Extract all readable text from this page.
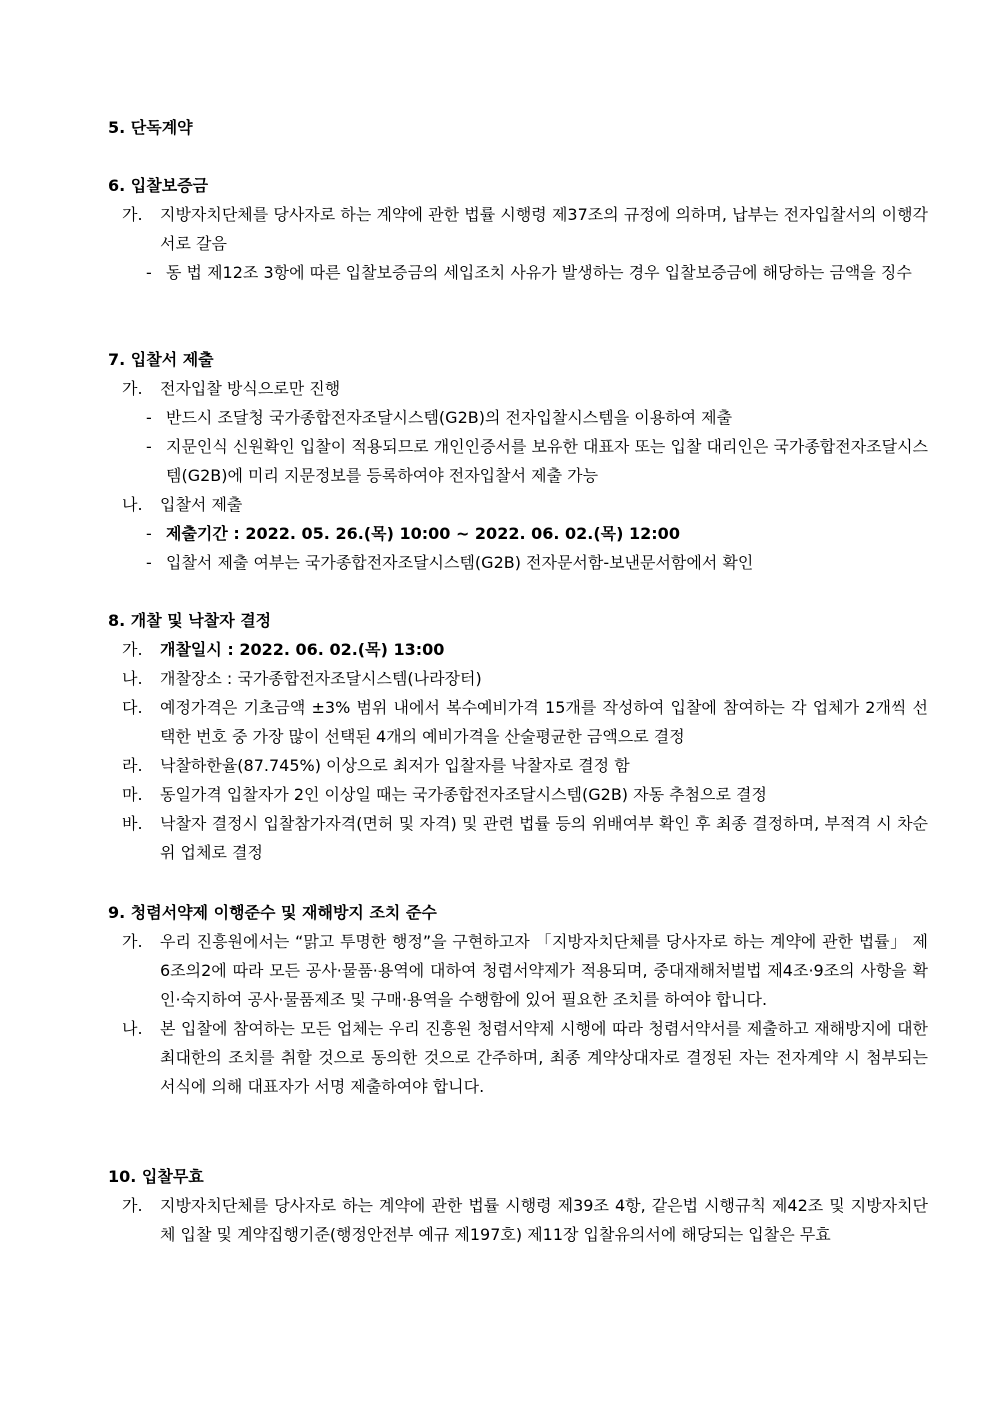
5. 단독계약
6. 입찰보증금
가. 지방자치단체를 당사자로 하는 계약에 관한 법률 시행령 제37조의 규정에 의하며, 납부는 전자입찰서의 이행각서로 갈음
- 동 법 제12조 3항에 따른 입찰보증금의 세입조치 사유가 발생하는 경우 입찰보증금에 해당하는 금액을 징수
7. 입찰서 제출
가. 전자입찰 방식으로만 진행
- 반드시 조달청 국가종합전자조달시스템(G2B)의 전자입찰시스템을 이용하여 제출
- 지문인식 신원확인 입찰이 적용되므로 개인인증서를 보유한 대표자 또는 입찰 대리인은 국가종합전자조달시스템(G2B)에 미리 지문정보를 등록하여야 전자입찰서 제출 가능
나. 입찰서 제출
- 제출기간 : 2022. 05. 26.(목) 10:00 ~ 2022. 06. 02.(목) 12:00
- 입찰서 제출 여부는 국가종합전자조달시스템(G2B) 전자문서함-보낸문서함에서 확인
8. 개찰 및 낙찰자 결정
가. 개찰일시 : 2022. 06. 02.(목) 13:00
나. 개찰장소 : 국가종합전자조달시스템(나라장터)
다. 예정가격은 기초금액 ±3% 범위 내에서 복수예비가격 15개를 작성하여 입찰에 참여하는 각 업체가 2개씩 선택한 번호 중 가장 많이 선택된 4개의 예비가격을 산술평균한 금액으로 결정
라. 낙찰하한율(87.745%) 이상으로 최저가 입찰자를 낙찰자로 결정 함
마. 동일가격 입찰자가 2인 이상일 때는 국가종합전자조달시스템(G2B) 자동 추첨으로 결정
바. 낙찰자 결정시 입찰참가자격(면허 및 자격) 및 관련 법률 등의 위배여부 확인 후 최종 결정하며, 부적격 시 차순위 업체로 결정
9. 청렴서약제 이행준수 및 재해방지 조치 준수
가. 우리 진흥원에서는 “맑고 투명한 행정”을 구현하고자 「지방자치단체를 당사자로 하는 계약에 관한 법률」 제6조의2에 따라 모든 공사·물품·용역에 대하여 청렴서약제가 적용되며, 중대재해처벌법 제4조·9조의 사항을 확인·숙지하여 공사·물품제조 및 구매·용역을 수행함에 있어 필요한 조치를 하여야 합니다.
나. 본 입찰에 참여하는 모든 업체는 우리 진흥원 청렴서약제 시행에 따라 청렴서약서를 제출하고 재해방지에 대한 최대한의 조치를 취할 것으로 동의한 것으로 간주하며, 최종 계약상대자로 결정된 자는 전자계약 시 첨부되는 서식에 의해 대표자가 서명 제출하여야 합니다.
10. 입찰무효
가. 지방자치단체를 당사자로 하는 계약에 관한 법률 시행령 제39조 4항, 같은법 시행규칙 제42조 및 지방자치단체 입찰 및 계약집행기준(행정안전부 예규 제197호) 제11장 입찰유의서에 해당되는 입찰은 무효
